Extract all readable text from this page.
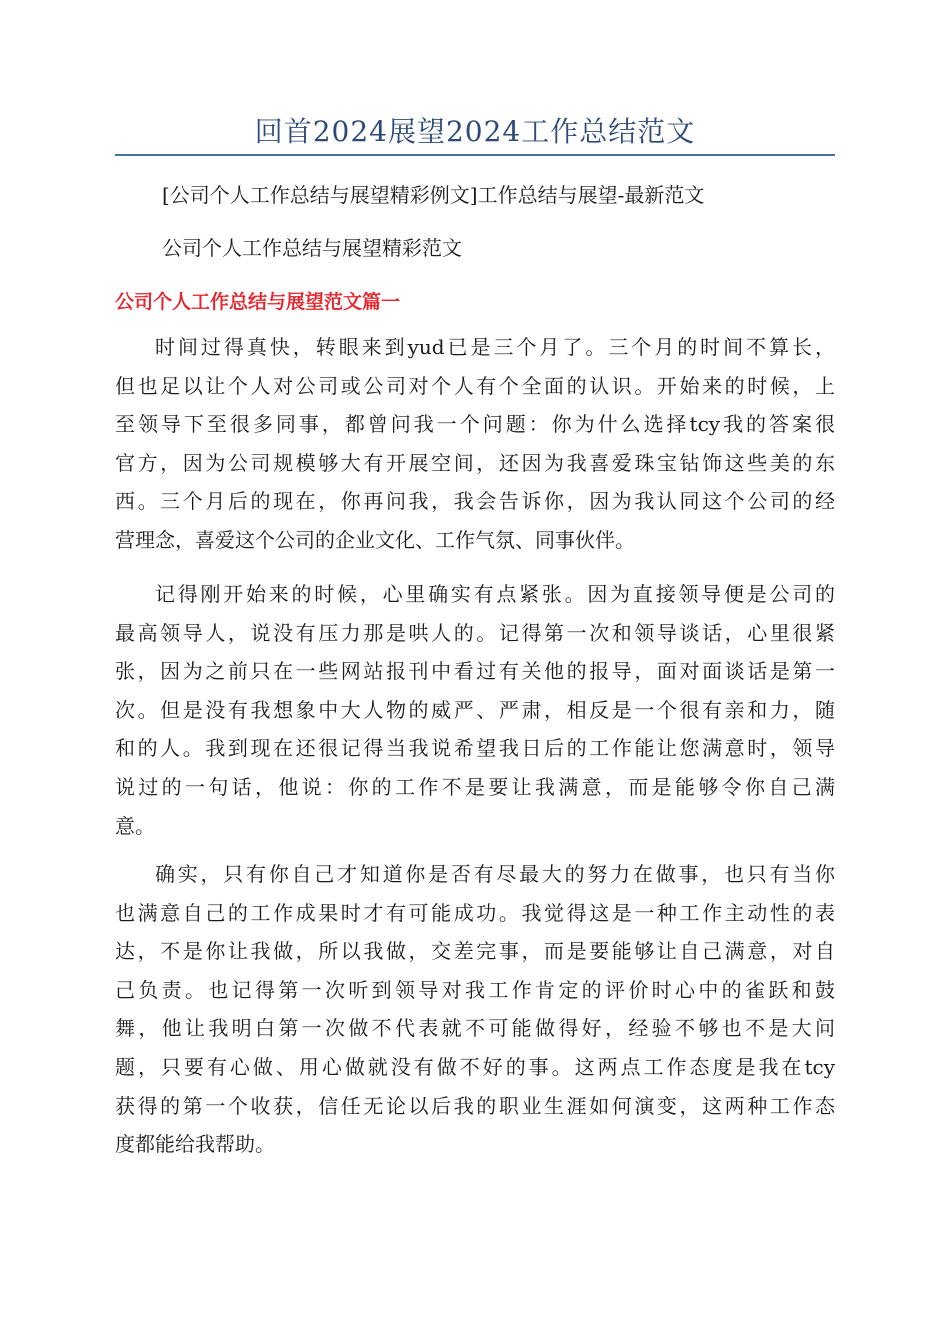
回首2024展望2024工作总结范文

[公司个人工作总结与展望精彩例文]工作总结与展望-最新范文

公司个人工作总结与展望精彩范文

公司个人工作总结与展望范文篇一
时间过得真快，转眼来到yud已是三个月了。三个月的时间不算长，
但也足以让个人对公司或公司对个人有个全面的认识。开始来的时候，上
至领导下至很多同事，都曾问我一个问题：你为什么选择tcy我的答案很
官方，因为公司规模够大有开展空间，还因为我喜爱珠宝钻饰这些美的东
西。三个月后的现在，你再问我，我会告诉你，因为我认同这个公司的经
营理念，喜爱这个公司的企业文化、工作气氛、同事伙伴。
记得刚开始来的时候，心里确实有点紧张。因为直接领导便是公司的
最高领导人，说没有压力那是哄人的。记得第一次和领导谈话，心里很紧
张，因为之前只在一些网站报刊中看过有关他的报导，面对面谈话是第一
次。但是没有我想象中大人物的威严、严肃，相反是一个很有亲和力，随
和的人。我到现在还很记得当我说希望我日后的工作能让您满意时，领导
说过的一句话，他说：你的工作不是要让我满意，而是能够令你自己满
意。
确实，只有你自己才知道你是否有尽最大的努力在做事，也只有当你
也满意自己的工作成果时才有可能成功。我觉得这是一种工作主动性的表
达，不是你让我做，所以我做，交差完事，而是要能够让自己满意，对自
己负责。也记得第一次听到领导对我工作肯定的评价时心中的雀跃和鼓
舞，他让我明白第一次做不代表就不可能做得好，经验不够也不是大问
题，只要有心做、用心做就没有做不好的事。这两点工作态度是我在tcy
获得的第一个收获，信任无论以后我的职业生涯如何演变，这两种工作态
度都能给我帮助。
